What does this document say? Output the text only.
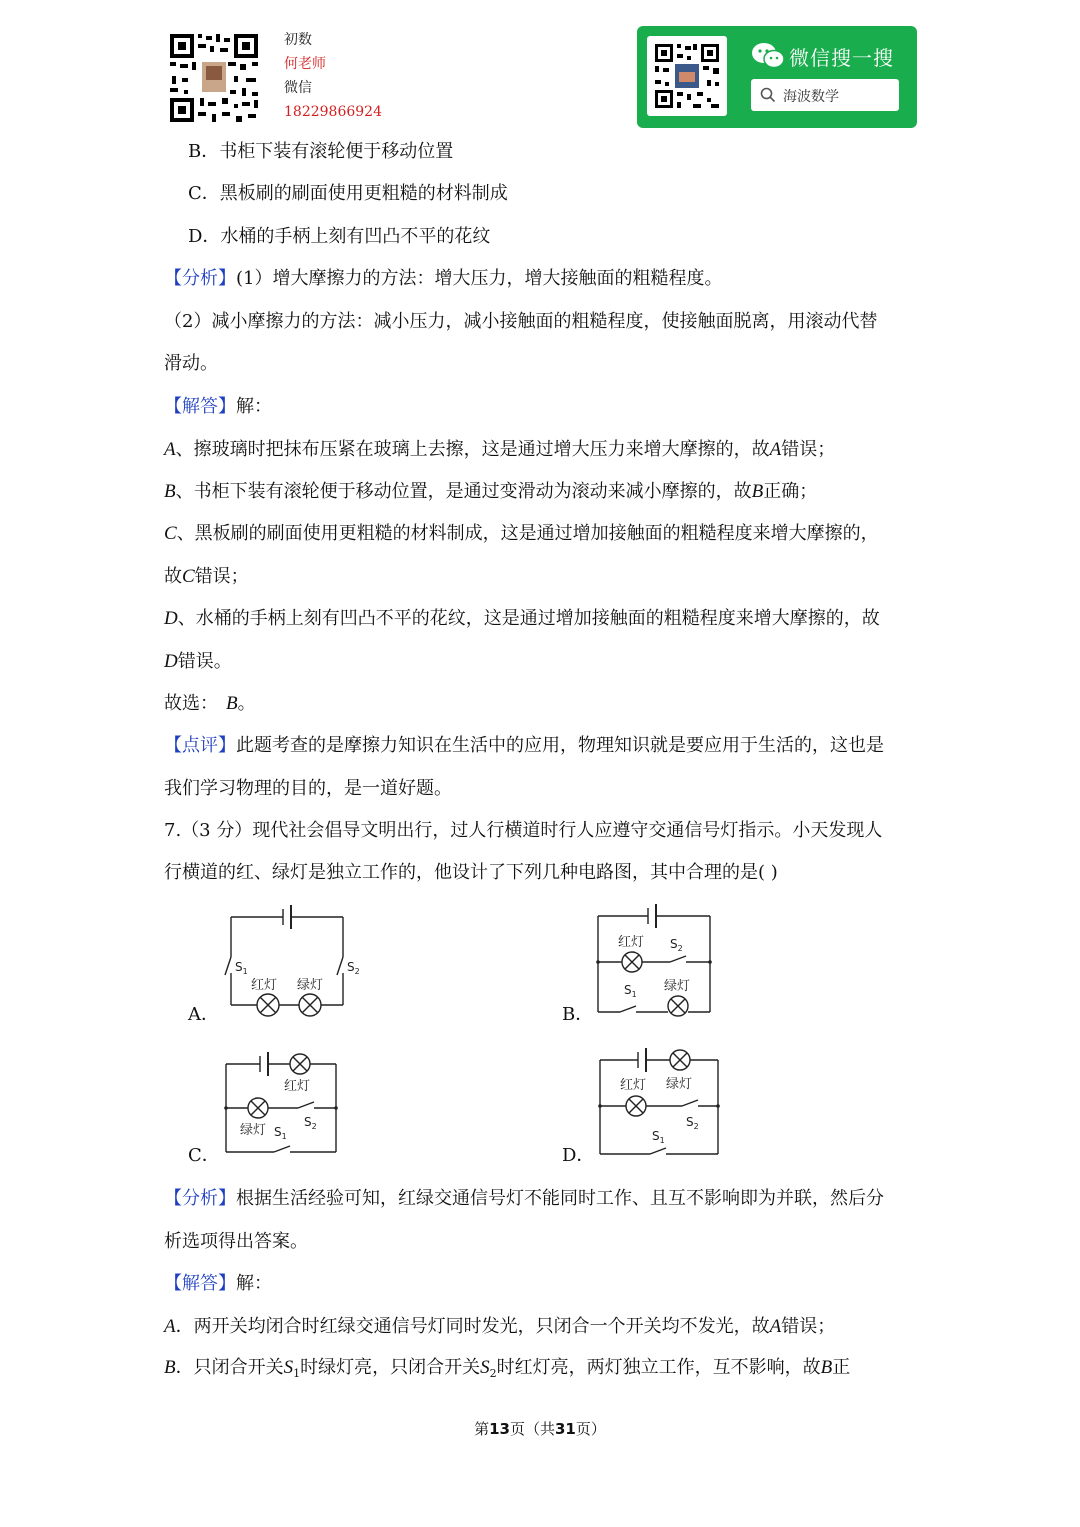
初数
何老师
微信
18229866924
微信搜一搜
海波数学
B．书柜下装有滚轮便于移动位置
C．黑板刷的刷面使用更粗糙的材料制成
D．水桶的手柄上刻有凹凸不平的花纹
【分析】(1）增大摩擦力的方法：增大压力，增大接触面的粗糙程度。
（2）减小摩擦力的方法：减小压力，减小接触面的粗糙程度，使接触面脱离，用滚动代替
滑动。
【解答】解：
A、擦玻璃时把抹布压紧在玻璃上去擦，这是通过增大压力来增大摩擦的，故A错误；
B、书柜下装有滚轮便于移动位置，是通过变滑动为滚动来减小摩擦的，故B正确；
C、黑板刷的刷面使用更粗糙的材料制成，这是通过增加接触面的粗糙程度来增大摩擦的，
故C错误；
D、水桶的手柄上刻有凹凸不平的花纹，这是通过增加接触面的粗糙程度来增大摩擦的，故
D错误。
故选： B。
【点评】此题考查的是摩擦力知识在生活中的应用，物理知识就是要应用于生活的，这也是
我们学习物理的目的，是一道好题。
7.（3 分）现代社会倡导文明出行，过人行横道时行人应遵守交通信号灯指示。小天发现人
行横道的红、绿灯是独立工作的，他设计了下列几种电路图，其中合理的是( )
A．
$S_1$	$S_2$
红灯 绿灯
B．
红灯 $S_2$
$S_1$
绿灯
C．
红灯
$S_2$
绿灯 $S_1$
D．
红灯 绿灯
$S_2$
$S_1$
【分析】根据生活经验可知，红绿交通信号灯不能同时工作、且互不影响即为并联，然后分
析选项得出答案。
【解答】解：
A．两开关均闭合时红绿交通信号灯同时发光，只闭合一个开关均不发光，故A错误；
B．只闭合开关$S_1$时绿灯亮，只闭合开关$S_2$时红灯亮，两灯独立工作，互不影响，故B正
第13页（共31页）
